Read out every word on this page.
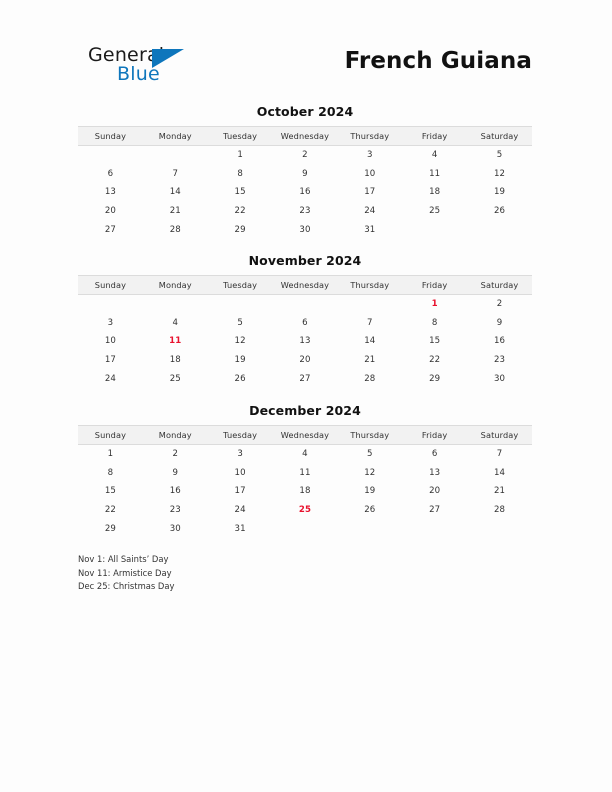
General
Blue	French Guiana
October 2024
Sunday	Monday	Tuesday	Wednesday	Thursday	Friday	Saturday
		1	2	3	4	5
6	7	8	9	10	11	12
13	14	15	16	17	18	19
20	21	22	23	24	25	26
27	28	29	30	31		
November 2024
Sunday	Monday	Tuesday	Wednesday	Thursday	Friday	Saturday
					1	2
3	4	5	6	7	8	9
10	11	12	13	14	15	16
17	18	19	20	21	22	23
24	25	26	27	28	29	30
December 2024
Sunday	Monday	Tuesday	Wednesday	Thursday	Friday	Saturday
1	2	3	4	5	6	7
8	9	10	11	12	13	14
15	16	17	18	19	20	21
22	23	24	25	26	27	28
29	30	31				
Nov 1: All Saints’ Day
Nov 11: Armistice Day
Dec 25: Christmas Day
